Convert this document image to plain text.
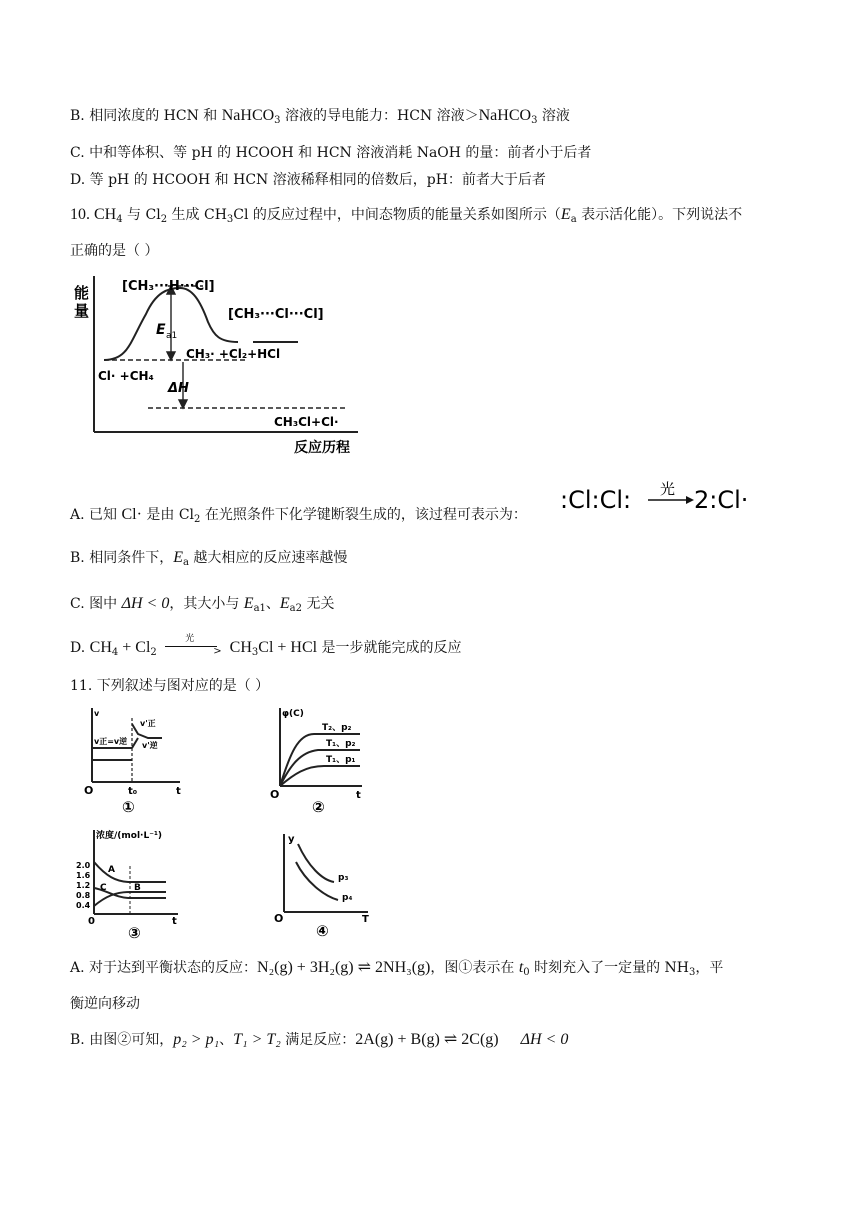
B. 相同浓度的 HCN 和 NaHCO$_3$ 溶液的导电能力：HCN 溶液＞NaHCO$_3$ 溶液
C. 中和等体积、等 pH 的 HCOOH 和 HCN 溶液消耗 NaOH 的量：前者小于后者
D. 等 pH 的 HCOOH 和 HCN 溶液稀释相同的倍数后，pH：前者大于后者
10. $CH_4$ 与 $Cl_2$ 生成 $CH_3Cl$ 的反应过程中，中间态物质的能量关系如图所示（$E_a$ 表示活化能）。下列说法不
正确的是（ ）
能
量
[CH₃···H···Cl]
[CH₃···Cl···Cl]
E a1
CH₃· +Cl₂+HCl
Cl· +CH₄
ΔH
CH₃Cl+Cl·
反应历程
A. 已知 Cl· 是由 $Cl_2$ 在光照条件下化学键断裂生成的，该过程可表示为：
:Cl:Cl: 光 2:Cl·
B. 相同条件下，$E_a$ 越大相应的反应速率越慢
C. 图中 ΔH < 0，其大小与 $E_{a1}$、$E_{a2}$ 无关
D. $CH_4 + Cl_2$
光
> $CH_3Cl$ + HCl 是一步就能完成的反应
11. 下列叙述与图对应的是（ ）
v
v'正
v'逆
v正=v逆
O	t₀	t
①
φ(C)
T₂、p₂
T₁、p₂
T₁、p₁
O	t
②
浓度/(mol·L⁻¹)
2.0
1.6
1.2
0.8
0.4
A
C	B
0	t
③
y
p₃
p₄
O	T
④
A. 对于达到平衡状态的反应：N₂(g) + 3H₂(g) ⇌ 2NH₃(g)，图①表示在 $t_0$ 时刻充入了一定量的 $NH_3$，平
衡逆向移动
B. 由图②可知，p₂ > p₁、T₁ > T₂ 满足反应：2A(g) + B(g) ⇌ 2C(g) ΔH < 0
